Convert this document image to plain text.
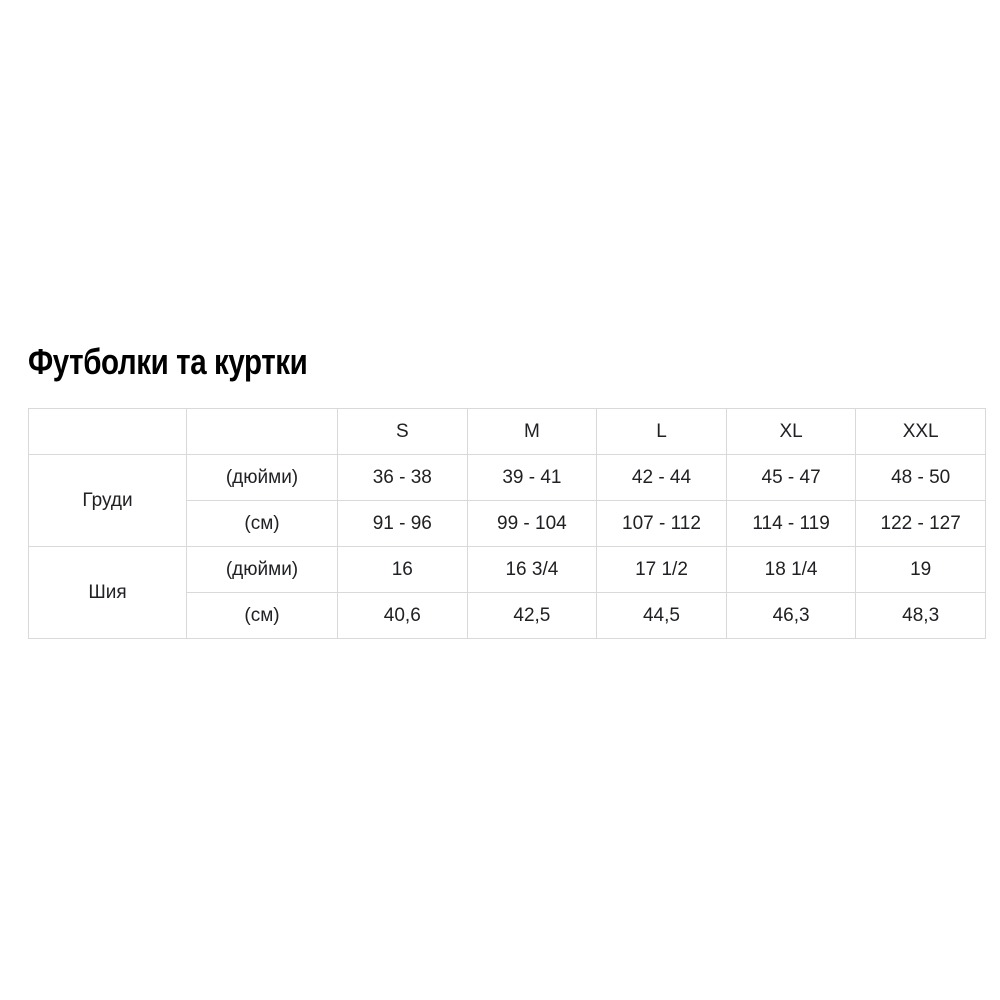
Футболки та куртки
		S	M	L	XL	XXL
Груди	(дюйми)	36 - 38	39 - 41	42 - 44	45 - 47	48 - 50
	(см)	91 - 96	99 - 104	107 - 112	114 - 119	122 - 127
Шия	(дюйми)	16	16 3/4	17 1/2	18 1/4	19
	(см)	40,6	42,5	44,5	46,3	48,3
